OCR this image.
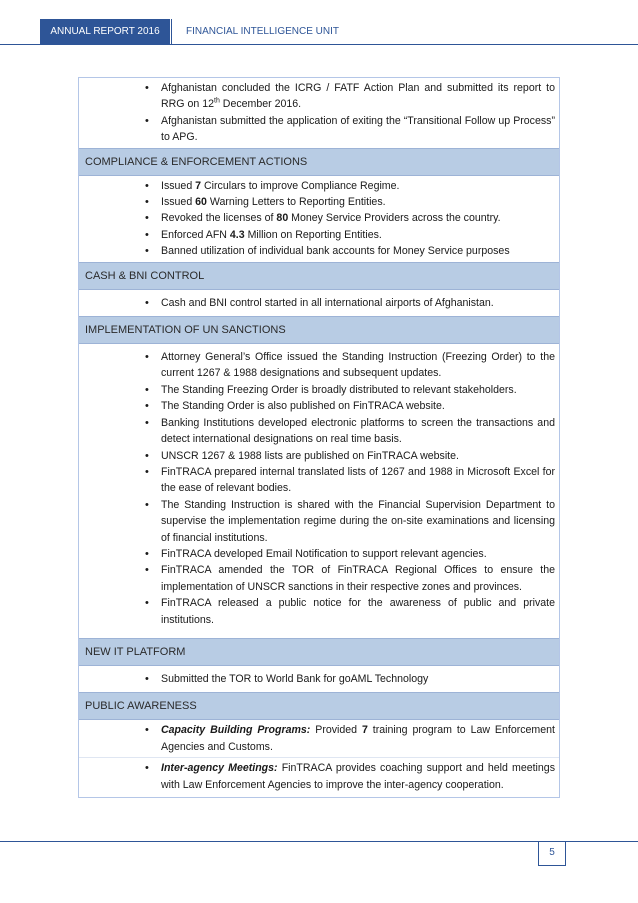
ANNUAL REPORT 2016	FINANCIAL INTELLIGENCE UNIT
• Afghanistan concluded the ICRG / FATF Action Plan and submitted its report to RRG on 12th December 2016.
• Afghanistan submitted the application of exiting the “Transitional Follow up Process” to APG.
COMPLIANCE & ENFORCEMENT ACTIONS
• Issued 7 Circulars to improve Compliance Regime.
• Issued 60 Warning Letters to Reporting Entities.
• Revoked the licenses of 80 Money Service Providers across the country.
• Enforced AFN 4.3 Million on Reporting Entities.
• Banned utilization of individual bank accounts for Money Service purposes
CASH & BNI CONTROL
• Cash and BNI control started in all international airports of Afghanistan.
IMPLEMENTATION OF UN SANCTIONS
• Attorney General’s Office issued the Standing Instruction (Freezing Order) to the current 1267 & 1988 designations and subsequent updates.
• The Standing Freezing Order is broadly distributed to relevant stakeholders.
• The Standing Order is also published on FinTRACA website.
• Banking Institutions developed electronic platforms to screen the transactions and detect international designations on real time basis.
• UNSCR 1267 & 1988 lists are published on FinTRACA website.
• FinTRACA prepared internal translated lists of 1267 and 1988 in Microsoft Excel for the ease of relevant bodies.
• The Standing Instruction is shared with the Financial Supervision Department to supervise the implementation regime during the on-site examinations and licensing of financial institutions.
• FinTRACA developed Email Notification to support relevant agencies.
• FinTRACA amended the TOR of FinTRACA Regional Offices to ensure the implementation of UNSCR sanctions in their respective zones and provinces.
• FinTRACA released a public notice for the awareness of public and private institutions.
NEW IT PLATFORM
• Submitted the TOR to World Bank for goAML Technology
PUBLIC AWARENESS
• Capacity Building Programs: Provided 7 training program to Law Enforcement Agencies and Customs.
• Inter-agency Meetings: FinTRACA provides coaching support and held meetings with Law Enforcement Agencies to improve the inter-agency cooperation.
5
